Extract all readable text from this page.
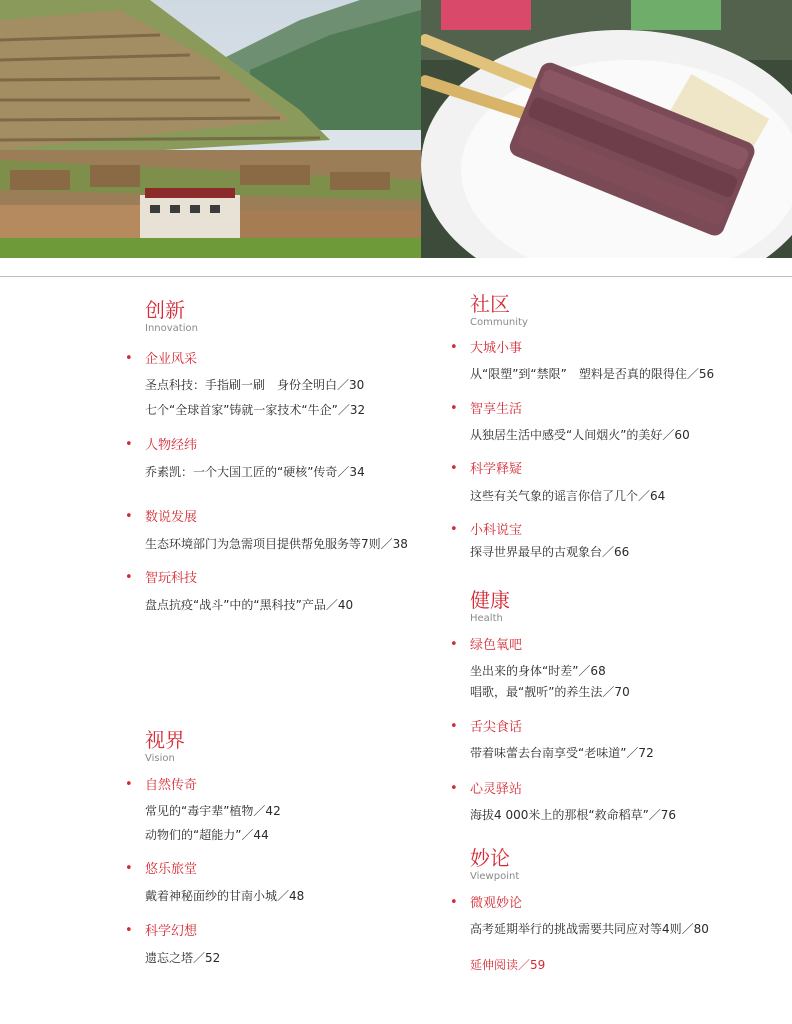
创新
Innovation
• 企业风采
圣点科技：手指刷一刷　身份全明白／30
七个“全球首家”铸就一家技术“牛企”／32
• 人物经纬
乔素凯：一个大国工匠的“硬核”传奇／34
• 数说发展
生态环境部门为急需项目提供帮免服务等7则／38
• 智玩科技
盘点抗疫“战斗”中的“黑科技”产品／40
视界
Vision
• 自然传奇
常见的“毒宇辈”植物／42
动物们的“超能力”／44
• 悠乐旅堂
戴着神秘面纱的甘南小城／48
• 科学幻想
遗忘之塔／52
社区
Community
• 大城小事
从“限塑”到“禁限”　塑料是否真的限得住／56
• 智享生活
从独居生活中感受“人间烟火”的美好／60
• 科学释疑
这些有关气象的谣言你信了几个／64
• 小科说宝
探寻世界最早的古观象台／66
健康
Health
• 绿色氧吧
坐出来的身体“时差”／68
唱歌，最“靓听”的养生法／70
• 舌尖食话
带着味蕾去台南享受“老味道”／72
• 心灵驿站
海拔4 000米上的那根“救命稻草”／76
妙论
Viewpoint
• 微观妙论
高考延期举行的挑战需要共同应对等4则／80
延伸阅读／59
